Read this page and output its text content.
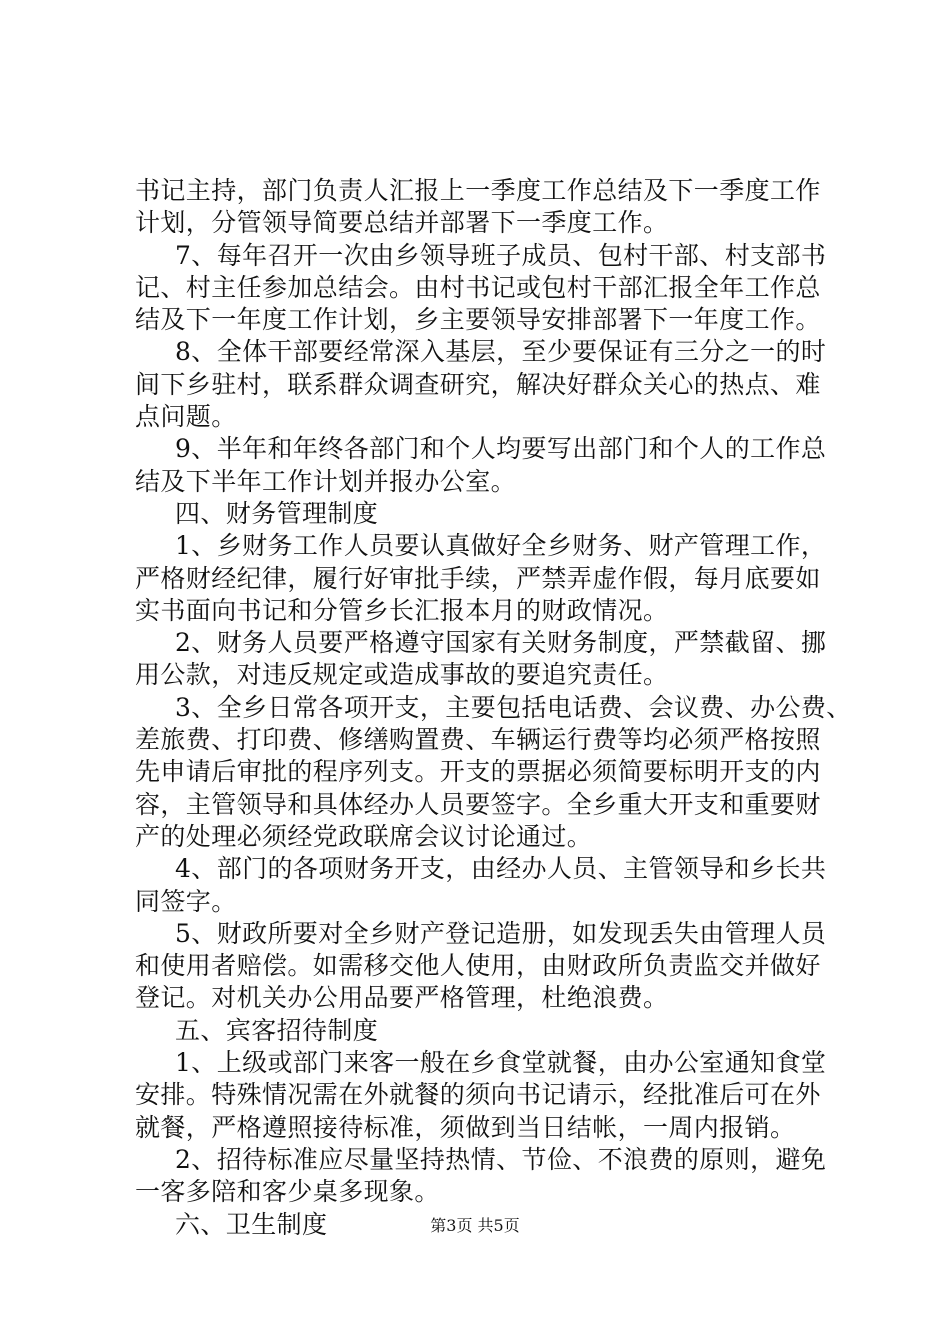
书记主持，部门负责人汇报上一季度工作总结及下一季度工作
计划，分管领导简要总结并部署下一季度工作。
7、每年召开一次由乡领导班子成员、包村干部、村支部书
记、村主任参加总结会。由村书记或包村干部汇报全年工作总
结及下一年度工作计划，乡主要领导安排部署下一年度工作。
8、全体干部要经常深入基层，至少要保证有三分之一的时
间下乡驻村，联系群众调查研究，解决好群众关心的热点、难
点问题。
9、半年和年终各部门和个人均要写出部门和个人的工作总
结及下半年工作计划并报办公室。
四、财务管理制度
1、乡财务工作人员要认真做好全乡财务、财产管理工作，
严格财经纪律，履行好审批手续，严禁弄虚作假，每月底要如
实书面向书记和分管乡长汇报本月的财政情况。
2、财务人员要严格遵守国家有关财务制度，严禁截留、挪
用公款，对违反规定或造成事故的要追究责任。
3、全乡日常各项开支，主要包括电话费、会议费、办公费、
差旅费、打印费、修缮购置费、车辆运行费等均必须严格按照
先申请后审批的程序列支。开支的票据必须简要标明开支的内
容，主管领导和具体经办人员要签字。全乡重大开支和重要财
产的处理必须经党政联席会议讨论通过。
4、部门的各项财务开支，由经办人员、主管领导和乡长共
同签字。
5、财政所要对全乡财产登记造册，如发现丢失由管理人员
和使用者赔偿。如需移交他人使用，由财政所负责监交并做好
登记。对机关办公用品要严格管理，杜绝浪费。
五、宾客招待制度
1、上级或部门来客一般在乡食堂就餐，由办公室通知食堂
安排。特殊情况需在外就餐的须向书记请示，经批准后可在外
就餐，严格遵照接待标准，须做到当日结帐，一周内报销。
2、招待标准应尽量坚持热情、节俭、不浪费的原则，避免
一客多陪和客少桌多现象。
六、卫生制度	第3页 共5页
